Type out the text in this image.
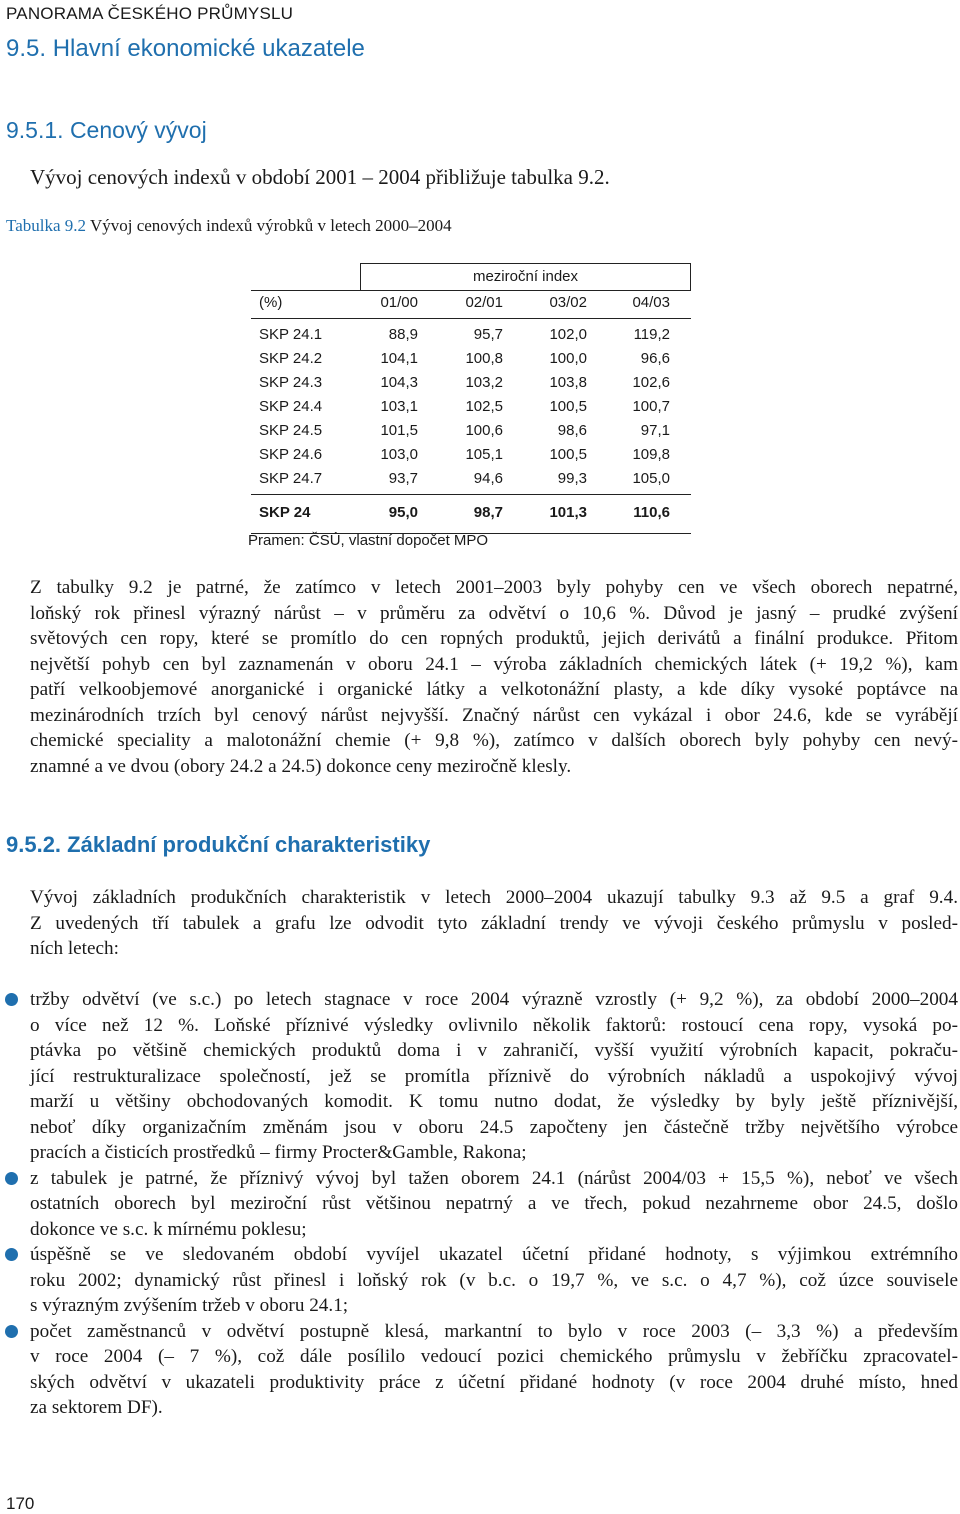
PANORAMA ČESKÉHO PRŮMYSLU
9.5. Hlavní ekonomické ukazatele
9.5.1. Cenový vývoj
Vývoj cenových indexů v období 2001 – 2004 přibližuje tabulka 9.2.
Tabulka 9.2 Vývoj cenových indexů výrobků v letech 2000–2004
meziroční index
(%)	01/00	02/01	03/02	04/03
SKP 24.1	88,9	95,7	102,0	119,2
SKP 24.2	104,1	100,8	100,0	96,6
SKP 24.3	104,3	103,2	103,8	102,6
SKP 24.4	103,1	102,5	100,5	100,7
SKP 24.5	101,5	100,6	98,6	97,1
SKP 24.6	103,0	105,1	100,5	109,8
SKP 24.7	93,7	94,6	99,3	105,0
SKP 24	95,0	98,7	101,3	110,6
Pramen: ČSÚ, vlastní dopočet MPO
Z tabulky 9.2 je patrné, že zatímco v letech 2001–2003 byly pohyby cen ve všech oborech nepatrné,
loňský rok přinesl výrazný nárůst – v průměru za odvětví o 10,6 %. Důvod je jasný – prudké zvýšení
světových cen ropy, které se promítlo do cen ropných produktů, jejich derivátů a finální produkce. Přitom
největší pohyb cen byl zaznamenán v oboru 24.1 – výroba základních chemických látek (+ 19,2 %), kam
patří velkoobjemové anorganické i organické látky a velkotonážní plasty, a kde díky vysoké poptávce na
mezinárodních trzích byl cenový nárůst nejvyšší. Značný nárůst cen vykázal i obor 24.6, kde se vyrábějí
chemické speciality a malotonážní chemie (+ 9,8 %), zatímco v dalších oborech byly pohyby cen nevý-
znamné a ve dvou (obory 24.2 a 24.5) dokonce ceny meziročně klesly.
9.5.2. Základní produkční charakteristiky
Vývoj základních produkčních charakteristik v letech 2000–2004 ukazují tabulky 9.3 až 9.5 a graf 9.4.
Z uvedených tří tabulek a grafu lze odvodit tyto základní trendy ve vývoji českého průmyslu v posled-
ních letech:
tržby odvětví (ve s.c.) po letech stagnace v roce 2004 výrazně vzrostly (+ 9,2 %), za období 2000–2004
o více než 12 %. Loňské příznivé výsledky ovlivnilo několik faktorů: rostoucí cena ropy, vysoká po-
ptávka po většině chemických produktů doma i v zahraničí, vyšší využití výrobních kapacit, pokraču-
jící restrukturalizace společností, jež se promítla příznivě do výrobních nákladů a uspokojivý vývoj
marží u většiny obchodovaných komodit. K tomu nutno dodat, že výsledky by byly ještě příznivější,
neboť díky organizačním změnám jsou v oboru 24.5 započteny jen částečně tržby největšího výrobce
pracích a čisticích prostředků – firmy Procter&Gamble, Rakona;
z tabulek je patrné, že příznivý vývoj byl tažen oborem 24.1 (nárůst 2004/03 + 15,5 %), neboť ve všech
ostatních oborech byl meziroční růst většinou nepatrný a ve třech, pokud nezahrneme obor 24.5, došlo
dokonce ve s.c. k mírnému poklesu;
úspěšně se ve sledovaném období vyvíjel ukazatel účetní přidané hodnoty, s výjimkou extrémního
roku 2002; dynamický růst přinesl i loňský rok (v b.c. o 19,7 %, ve s.c. o 4,7 %), což úzce souvisele
s výrazným zvýšením tržeb v oboru 24.1;
počet zaměstnanců v odvětví postupně klesá, markantní to bylo v roce 2003 (– 3,3 %) a především
v roce 2004 (– 7 %), což dále posílilo vedoucí pozici chemického průmyslu v žebříčku zpracovatel-
ských odvětví v ukazateli produktivity práce z účetní přidané hodnoty (v roce 2004 druhé místo, hned
za sektorem DF).
170
